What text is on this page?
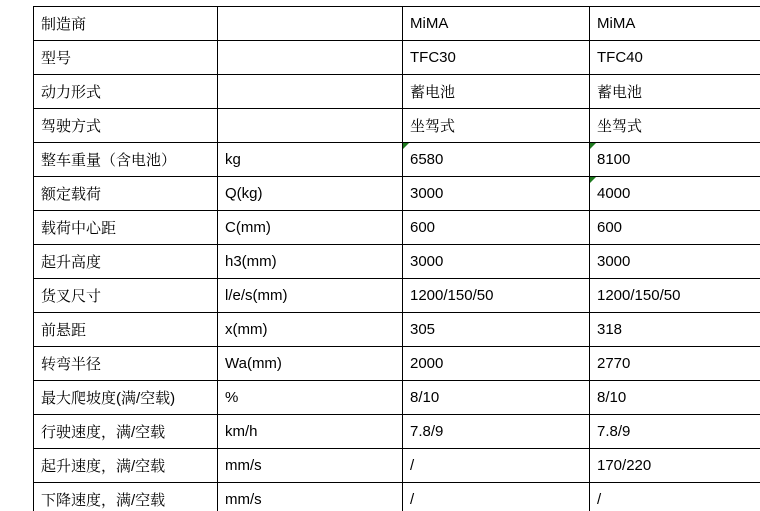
制造商		MiMA	MiMA
型号		TFC30	TFC40
动力形式		蓄电池	蓄电池
驾驶方式		坐驾式	坐驾式
整车重量（含电池）	kg	6580	8100
额定载荷	Q(kg)	3000	4000
载荷中心距	C(mm)	600	600
起升高度	h3(mm)	3000	3000
货叉尺寸	l/e/s(mm)	1200/150/50	1200/150/50
前悬距	x(mm)	305	318
转弯半径	Wa(mm)	2000	2770
最大爬坡度(满/空载)	%	8/10	8/10
行驶速度，满/空载	km/h	7.8/9	7.8/9
起升速度，满/空载	mm/s	/	170/220
下降速度，满/空载	mm/s	/	/
